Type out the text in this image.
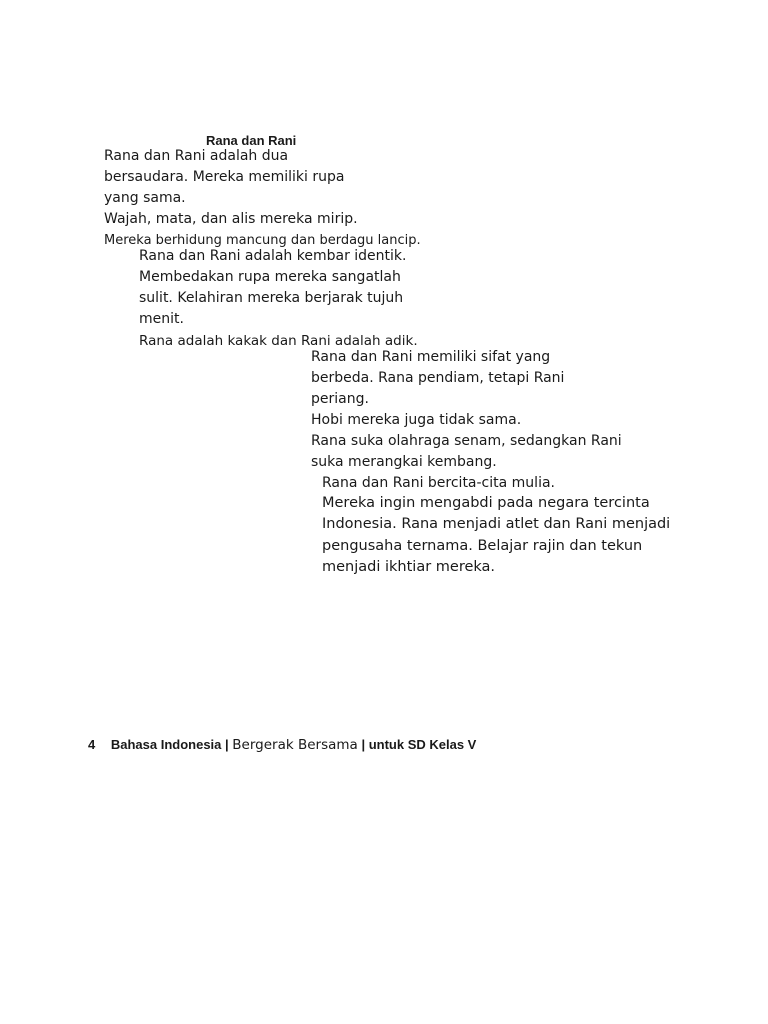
Rana dan Rani
Rana dan Rani adalah dua
bersaudara. Mereka memiliki rupa
yang sama.
Wajah, mata, dan alis mereka mirip.
Mereka berhidung mancung dan berdagu lancip.
Rana dan Rani adalah kembar identik.
Membedakan rupa mereka sangatlah
sulit. Kelahiran mereka berjarak tujuh
menit.
Rana adalah kakak dan Rani adalah adik.
Rana dan Rani memiliki sifat yang
berbeda. Rana pendiam, tetapi Rani
periang.
Hobi mereka juga tidak sama.
Rana suka olahraga senam, sedangkan Rani
suka merangkai kembang.
Rana dan Rani bercita-cita mulia.
Mereka ingin mengabdi pada negara tercinta
Indonesia. Rana menjadi atlet dan Rani menjadi
pengusaha ternama. Belajar rajin dan tekun
menjadi ikhtiar mereka.
4 Bahasa Indonesia | Bergerak Bersama | untuk SD Kelas V
